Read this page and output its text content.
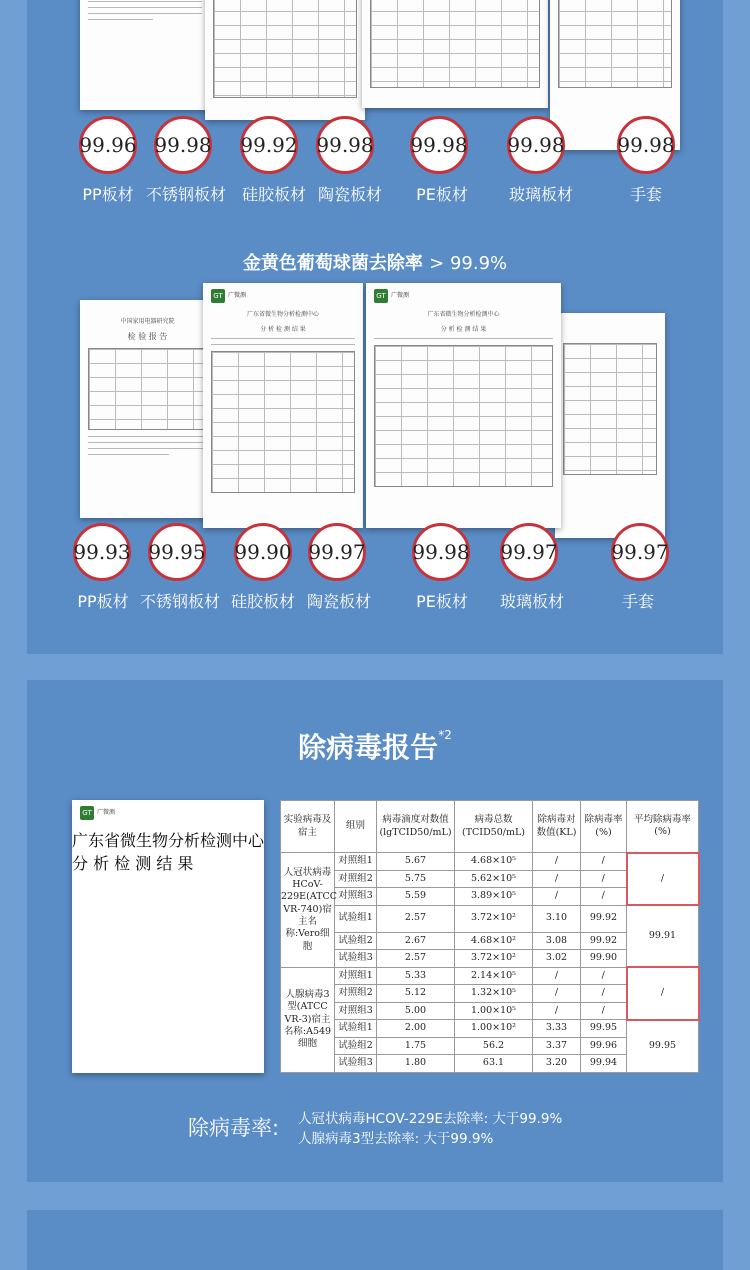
99.96 99.98 99.92 99.98 99.98 99.98	99.98
PP板材 不锈钢板材 硅胶板材 陶瓷板材 PE板材	玻璃板材	手套
金黄色葡萄球菌去除率 > 99.9%
中国家用电器研究院
检 验 报 告
GT 广微测
广东省微生物分析检测中心
分 析 检 测 结 果
GT 广微测
广东省微生物分析检测中心
分 析 检 测 结 果
99.93 99.95 99.90 99.97 99.98 99.97	99.97
PP板材 不锈钢板材 硅胶板材 陶瓷板材	PE板材 玻璃板材	手套
除病毒报告$^{*2}$
GT 广微测
广东省微生物分析检测中心
分 析 检 测 结 果
实验病毒及宿主	组别	病毒滴度对数值(lgTCID50/mL)	病毒总数(TCID50/mL)	除病毒对数值(KL)	除病毒率(%)	平均除病毒率(%)
人冠状病毒HCoV-229E(ATCC VR-740)宿主名称:Vero细胞	对照组1	5.67	4.68×10⁵	/	/	/
	对照组2	5.75	5.62×10⁵	/	/	
	对照组3	5.59	3.89×10⁵	/	/	
	试验组1	2.57	3.72×10²	3.10	99.92	99.91
	试验组2	2.67	4.68×10²	3.08	99.92	
	试验组3	2.57	3.72×10²	3.02	99.90	
人腺病毒3型(ATCC VR-3)宿主名称:A549细胞	对照组1	5.33	2.14×10⁵	/	/	/
	对照组2	5.12	1.32×10⁵	/	/	
	对照组3	5.00	1.00×10⁵	/	/	
	试验组1	2.00	1.00×10²	3.33	99.95	99.95
	试验组2	1.75	56.2	3.37	99.96	
	试验组3	1.80	63.1	3.20	99.94	
除病毒率: 人冠状病毒HCOV-229E去除率: 大于99.9%
人腺病毒3型去除率: 大于99.9%
